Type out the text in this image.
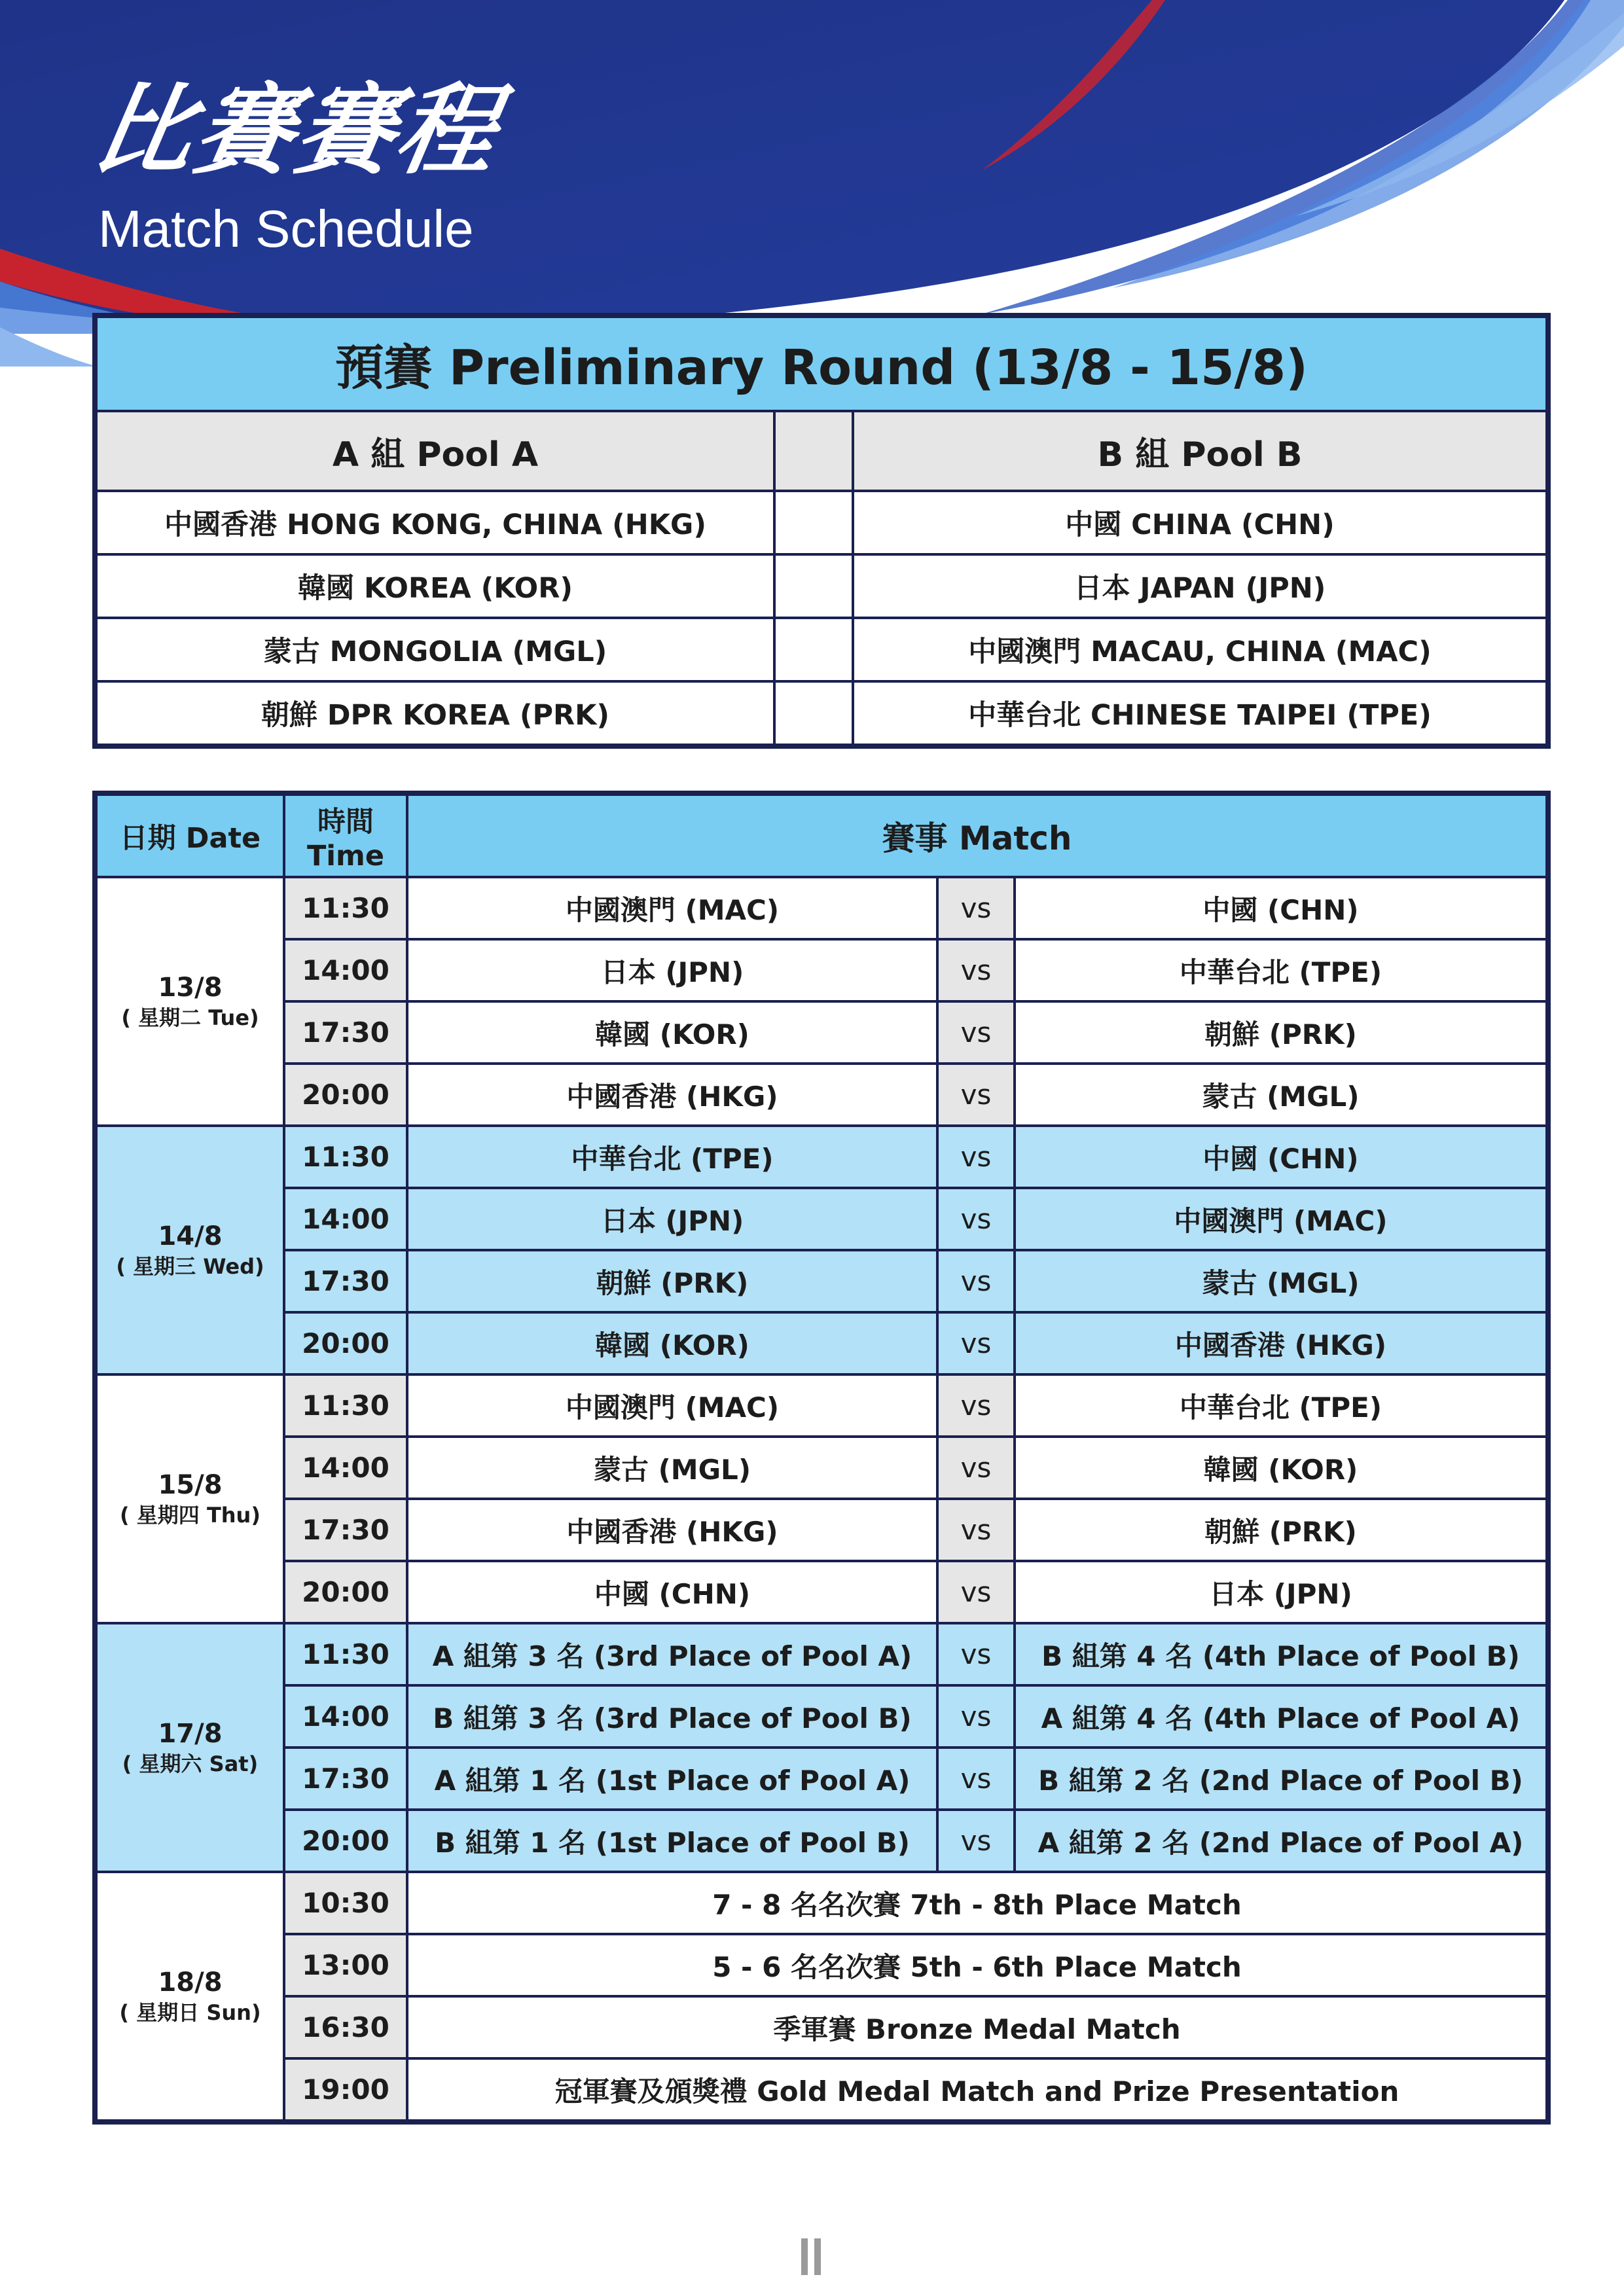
比賽賽程
Match Schedule
預賽 Preliminary Round (13/8 - 15/8)		
A 組 Pool A		B 組 Pool B
中國香港 HONG KONG, CHINA (HKG)		中國 CHINA (CHN)
韓國 KOREA (KOR)		日本 JAPAN (JPN)
蒙古 MONGOLIA (MGL)		中國澳門 MACAU, CHINA (MAC)
朝鮮 DPR KOREA (PRK)		中華台北 CHINESE TAIPEI (TPE)
日期 Date	時間
Time	賽事 Match		
13/8
( 星期二 Tue)	11:30	中國澳門 (MAC)	vs	中國 (CHN)
	14:00	日本 (JPN)	vs	中華台北 (TPE)
	17:30	韓國 (KOR)	vs	朝鮮 (PRK)
	20:00	中國香港 (HKG)	vs	蒙古 (MGL)
14/8
( 星期三 Wed)	11:30	中華台北 (TPE)	vs	中國 (CHN)
	14:00	日本 (JPN)	vs	中國澳門 (MAC)
	17:30	朝鮮 (PRK)	vs	蒙古 (MGL)
	20:00	韓國 (KOR)	vs	中國香港 (HKG)
15/8
( 星期四 Thu)	11:30	中國澳門 (MAC)	vs	中華台北 (TPE)
	14:00	蒙古 (MGL)	vs	韓國 (KOR)
	17:30	中國香港 (HKG)	vs	朝鮮 (PRK)
	20:00	中國 (CHN)	vs	日本 (JPN)
17/8
( 星期六 Sat)	11:30	A 組第 3 名 (3rd Place of Pool A)	vs	B 組第 4 名 (4th Place of Pool B)
	14:00	B 組第 3 名 (3rd Place of Pool B)	vs	A 組第 4 名 (4th Place of Pool A)
	17:30	A 組第 1 名 (1st Place of Pool A)	vs	B 組第 2 名 (2nd Place of Pool B)
	20:00	B 組第 1 名 (1st Place of Pool B)	vs	A 組第 2 名 (2nd Place of Pool A)
18/8
( 星期日 Sun)	10:30	7 - 8 名名次賽 7th - 8th Place Match		
	13:00	5 - 6 名名次賽 5th - 6th Place Match		
	16:30	季軍賽 Bronze Medal Match		
	19:00	冠軍賽及頒獎禮 Gold Medal Match and Prize Presentation		
